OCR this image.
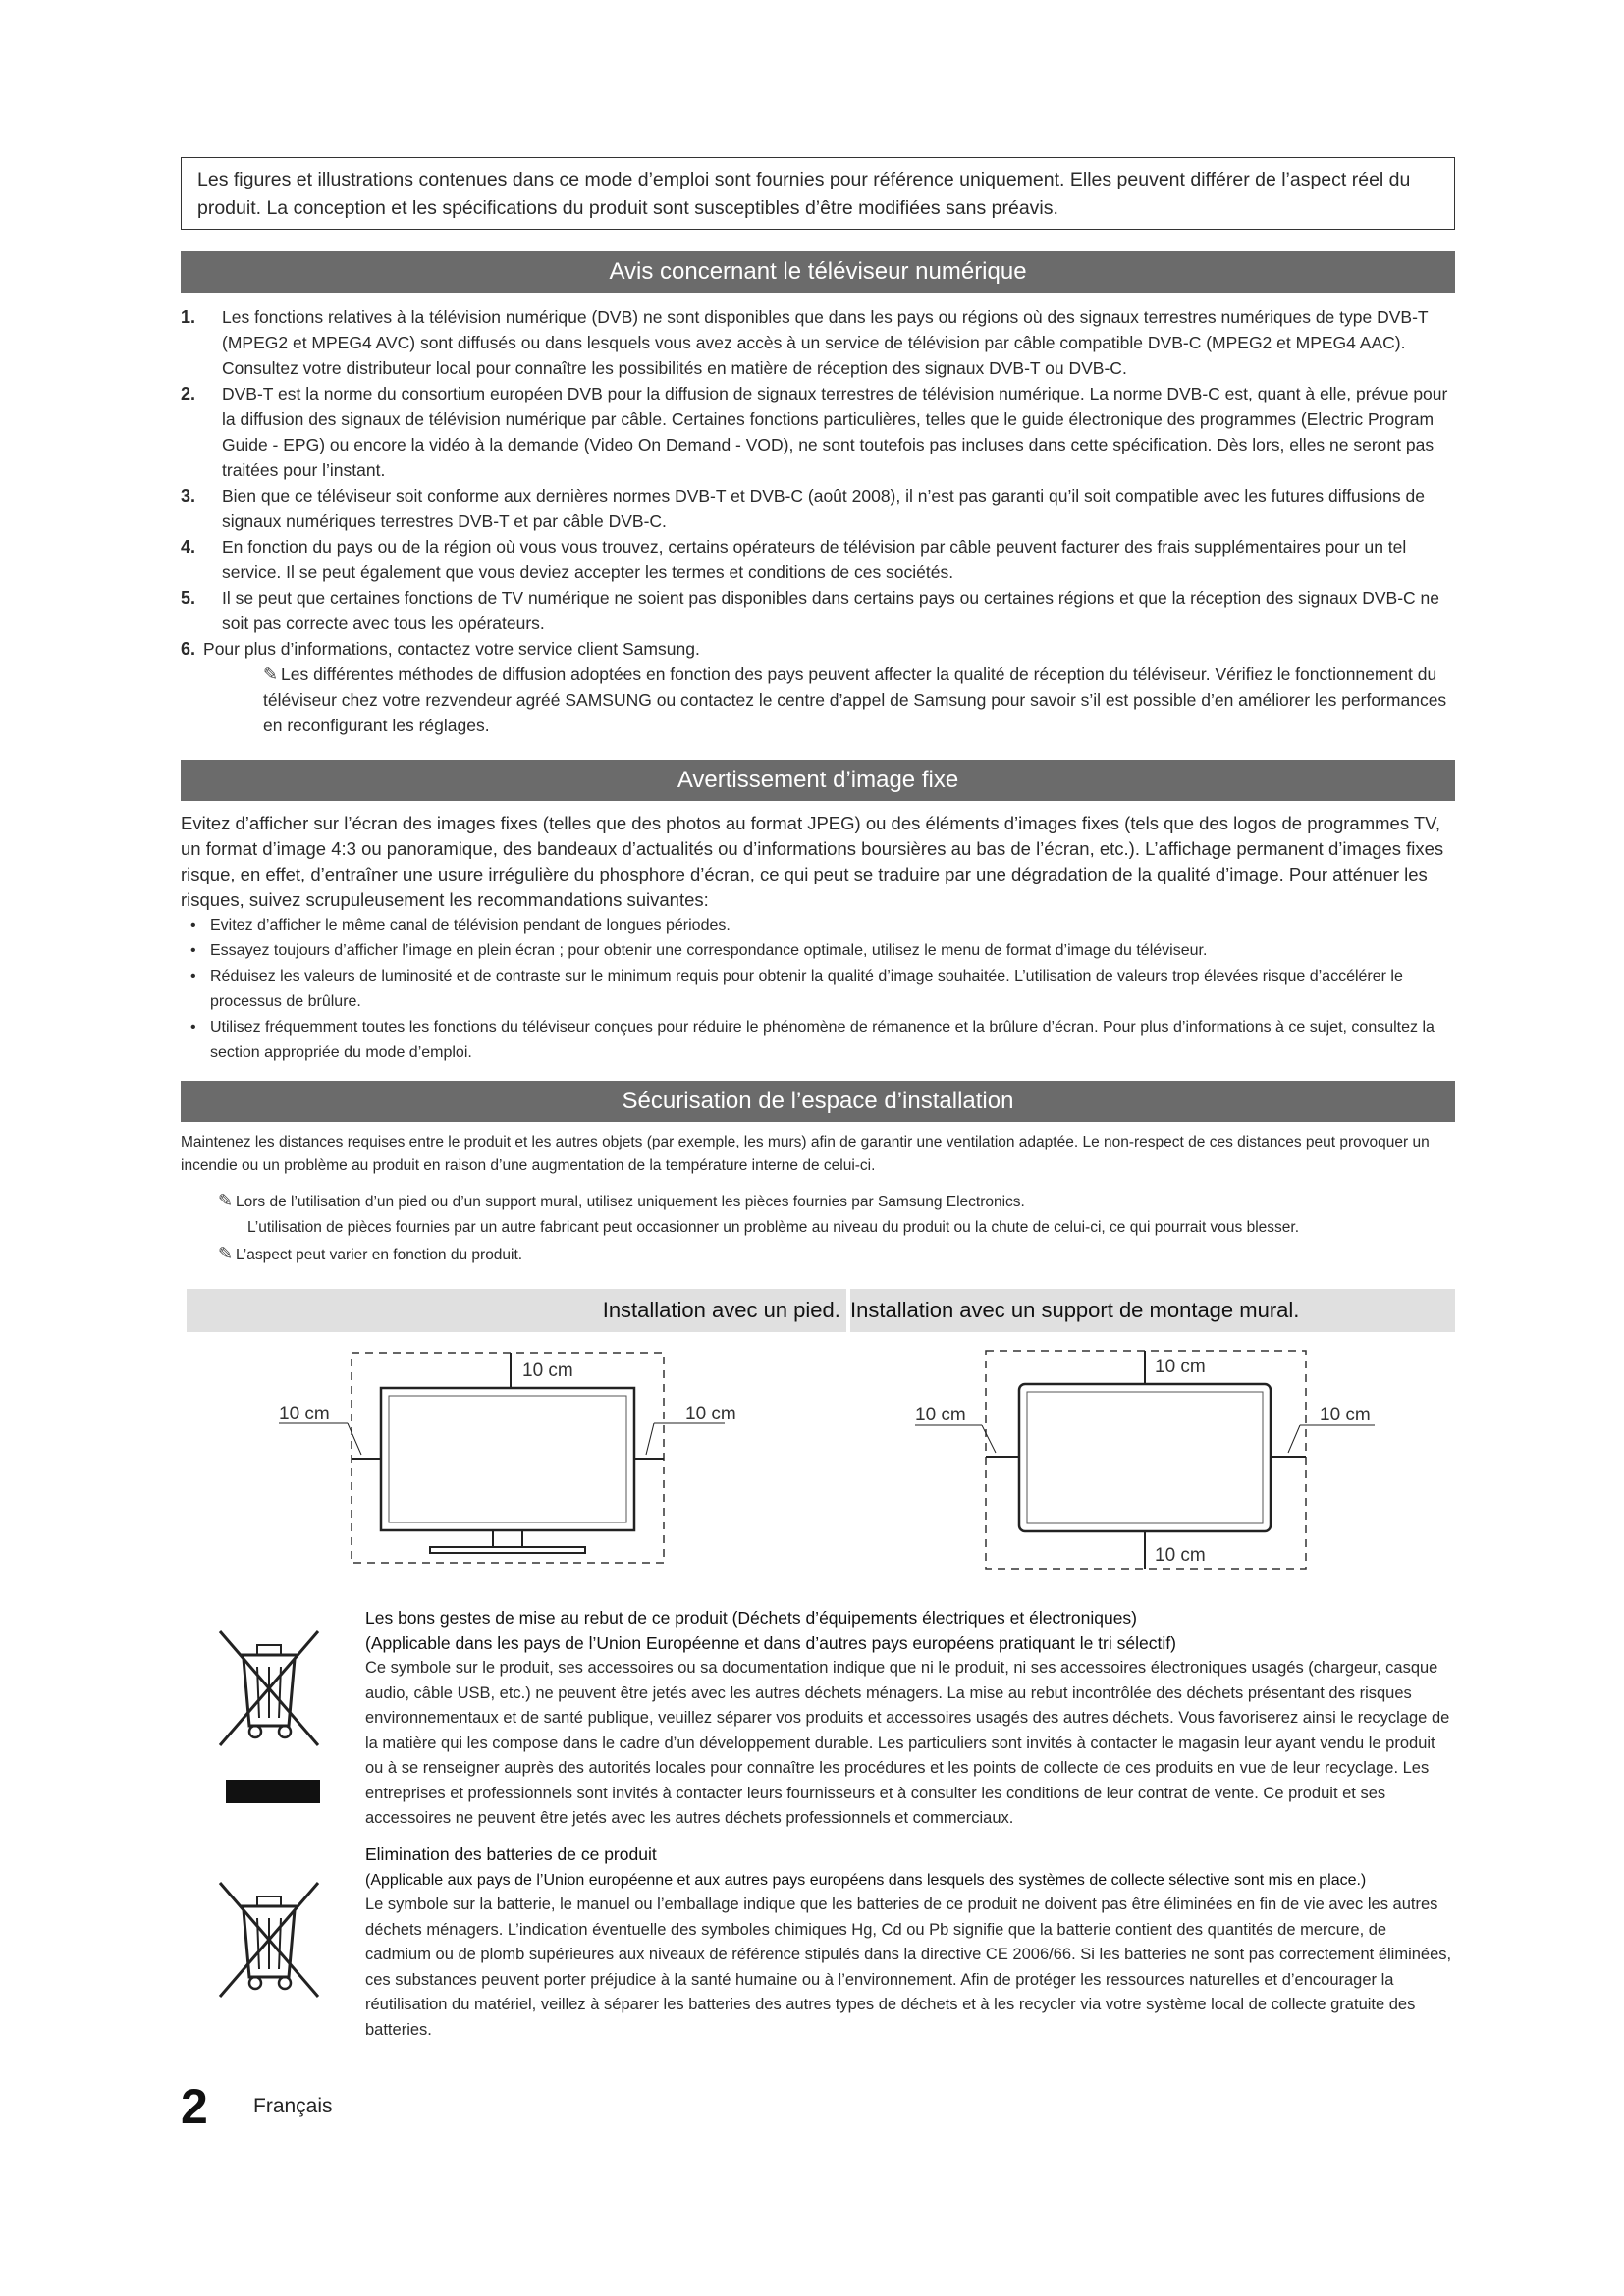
Les figures et illustrations contenues dans ce mode d’emploi sont fournies pour référence uniquement. Elles peuvent différer de l’aspect réel du produit. La conception et les spécifications du produit sont susceptibles d’être modifiées sans préavis.
Avis concernant le téléviseur numérique
1. Les fonctions relatives à la télévision numérique (DVB) ne sont disponibles que dans les pays ou régions où des signaux terrestres numériques de type DVB-T (MPEG2 et MPEG4 AVC) sont diffusés ou dans lesquels vous avez accès à un service de télévision par câble compatible DVB-C (MPEG2 et MPEG4 AAC). Consultez votre distributeur local pour connaître les possibilités en matière de réception des signaux DVB-T ou DVB-C.
2. DVB-T est la norme du consortium européen DVB pour la diffusion de signaux terrestres de télévision numérique. La norme DVB-C est, quant à elle, prévue pour la diffusion des signaux de télévision numérique par câble. Certaines fonctions particulières, telles que le guide électronique des programmes (Electric Program Guide - EPG) ou encore la vidéo à la demande (Video On Demand - VOD), ne sont toutefois pas incluses dans cette spécification. Dès lors, elles ne seront pas traitées pour l’instant.
3. Bien que ce téléviseur soit conforme aux dernières normes DVB-T et DVB-C (août 2008), il n’est pas garanti qu’il soit compatible avec les futures diffusions de signaux numériques terrestres DVB-T et par câble DVB-C.
4. En fonction du pays ou de la région où vous vous trouvez, certains opérateurs de télévision par câble peuvent facturer des frais supplémentaires pour un tel service. Il se peut également que vous deviez accepter les termes et conditions de ces sociétés.
5. Il se peut que certaines fonctions de TV numérique ne soient pas disponibles dans certains pays ou certaines régions et que la réception des signaux DVB-C ne soit pas correcte avec tous les opérateurs.
6. Pour plus d’informations, contactez votre service client Samsung.
✎ Les différentes méthodes de diffusion adoptées en fonction des pays peuvent affecter la qualité de réception du téléviseur. Vérifiez le fonctionnement du téléviseur chez votre rezvendeur agréé SAMSUNG ou contactez le centre d’appel de Samsung pour savoir s’il est possible d’en améliorer les performances en reconfigurant les réglages.
Avertissement d’image fixe
Evitez d’afficher sur l’écran des images fixes (telles que des photos au format JPEG) ou des éléments d’images fixes (tels que des logos de programmes TV, un format d’image 4:3 ou panoramique, des bandeaux d’actualités ou d’informations boursières au bas de l’écran, etc.). L’affichage permanent d’images fixes risque, en effet, d’entraîner une usure irrégulière du phosphore d’écran, ce qui peut se traduire par une dégradation de la qualité d’image. Pour atténuer les risques, suivez scrupuleusement les recommandations suivantes:
• Evitez d’afficher le même canal de télévision pendant de longues périodes.
• Essayez toujours d’afficher l’image en plein écran ; pour obtenir une correspondance optimale, utilisez le menu de format d’image du téléviseur.
• Réduisez les valeurs de luminosité et de contraste sur le minimum requis pour obtenir la qualité d’image souhaitée. L’utilisation de valeurs trop élevées risque d’accélérer le processus de brûlure.
• Utilisez fréquemment toutes les fonctions du téléviseur conçues pour réduire le phénomène de rémanence et la brûlure d’écran. Pour plus d’informations à ce sujet, consultez la section appropriée du mode d’emploi.
Sécurisation de l’espace d’installation
Maintenez les distances requises entre le produit et les autres objets (par exemple, les murs) afin de garantir une ventilation adaptée. Le non-respect de ces distances peut provoquer un incendie ou un problème au produit en raison d’une augmentation de la température interne de celui-ci.
✎ Lors de l’utilisation d’un pied ou d’un support mural, utilisez uniquement les pièces fournies par Samsung Electronics.
L’utilisation de pièces fournies par un autre fabricant peut occasionner un problème au niveau du produit ou la chute de celui-ci, ce qui pourrait vous blesser.
✎ L’aspect peut varier en fonction du produit.
Installation avec un pied. Installation avec un support de montage mural.
10 cm
10 cm	10 cm
10 cm
10 cm	10 cm
10 cm
Les bons gestes de mise au rebut de ce produit (Déchets d’équipements électriques et électroniques)
(Applicable dans les pays de l’Union Européenne et dans d’autres pays européens pratiquant le tri sélectif)
Ce symbole sur le produit, ses accessoires ou sa documentation indique que ni le produit, ni ses accessoires électroniques usagés (chargeur, casque audio, câble USB, etc.) ne peuvent être jetés avec les autres déchets ménagers. La mise au rebut incontrôlée des déchets présentant des risques environnementaux et de santé publique, veuillez séparer vos produits et accessoires usagés des autres déchets. Vous favoriserez ainsi le recyclage de la matière qui les compose dans le cadre d’un développement durable. Les particuliers sont invités à contacter le magasin leur ayant vendu le produit ou à se renseigner auprès des autorités locales pour connaître les procédures et les points de collecte de ces produits en vue de leur recyclage. Les entreprises et professionnels sont invités à contacter leurs fournisseurs et à consulter les conditions de leur contrat de vente. Ce produit et ses accessoires ne peuvent être jetés avec les autres déchets professionnels et commerciaux.
Elimination des batteries de ce produit
(Applicable aux pays de l’Union européenne et aux autres pays européens dans lesquels des systèmes de collecte sélective sont mis en place.)
Le symbole sur la batterie, le manuel ou l’emballage indique que les batteries de ce produit ne doivent pas être éliminées en fin de vie avec les autres déchets ménagers. L’indication éventuelle des symboles chimiques Hg, Cd ou Pb signifie que la batterie contient des quantités de mercure, de cadmium ou de plomb supérieures aux niveaux de référence stipulés dans la directive CE 2006/66. Si les batteries ne sont pas correctement éliminées, ces substances peuvent porter préjudice à la santé humaine ou à l’environnement. Afin de protéger les ressources naturelles et d’encourager la réutilisation du matériel, veillez à séparer les batteries des autres types de déchets et à les recycler via votre système local de collecte gratuite des batteries.
2 Français
